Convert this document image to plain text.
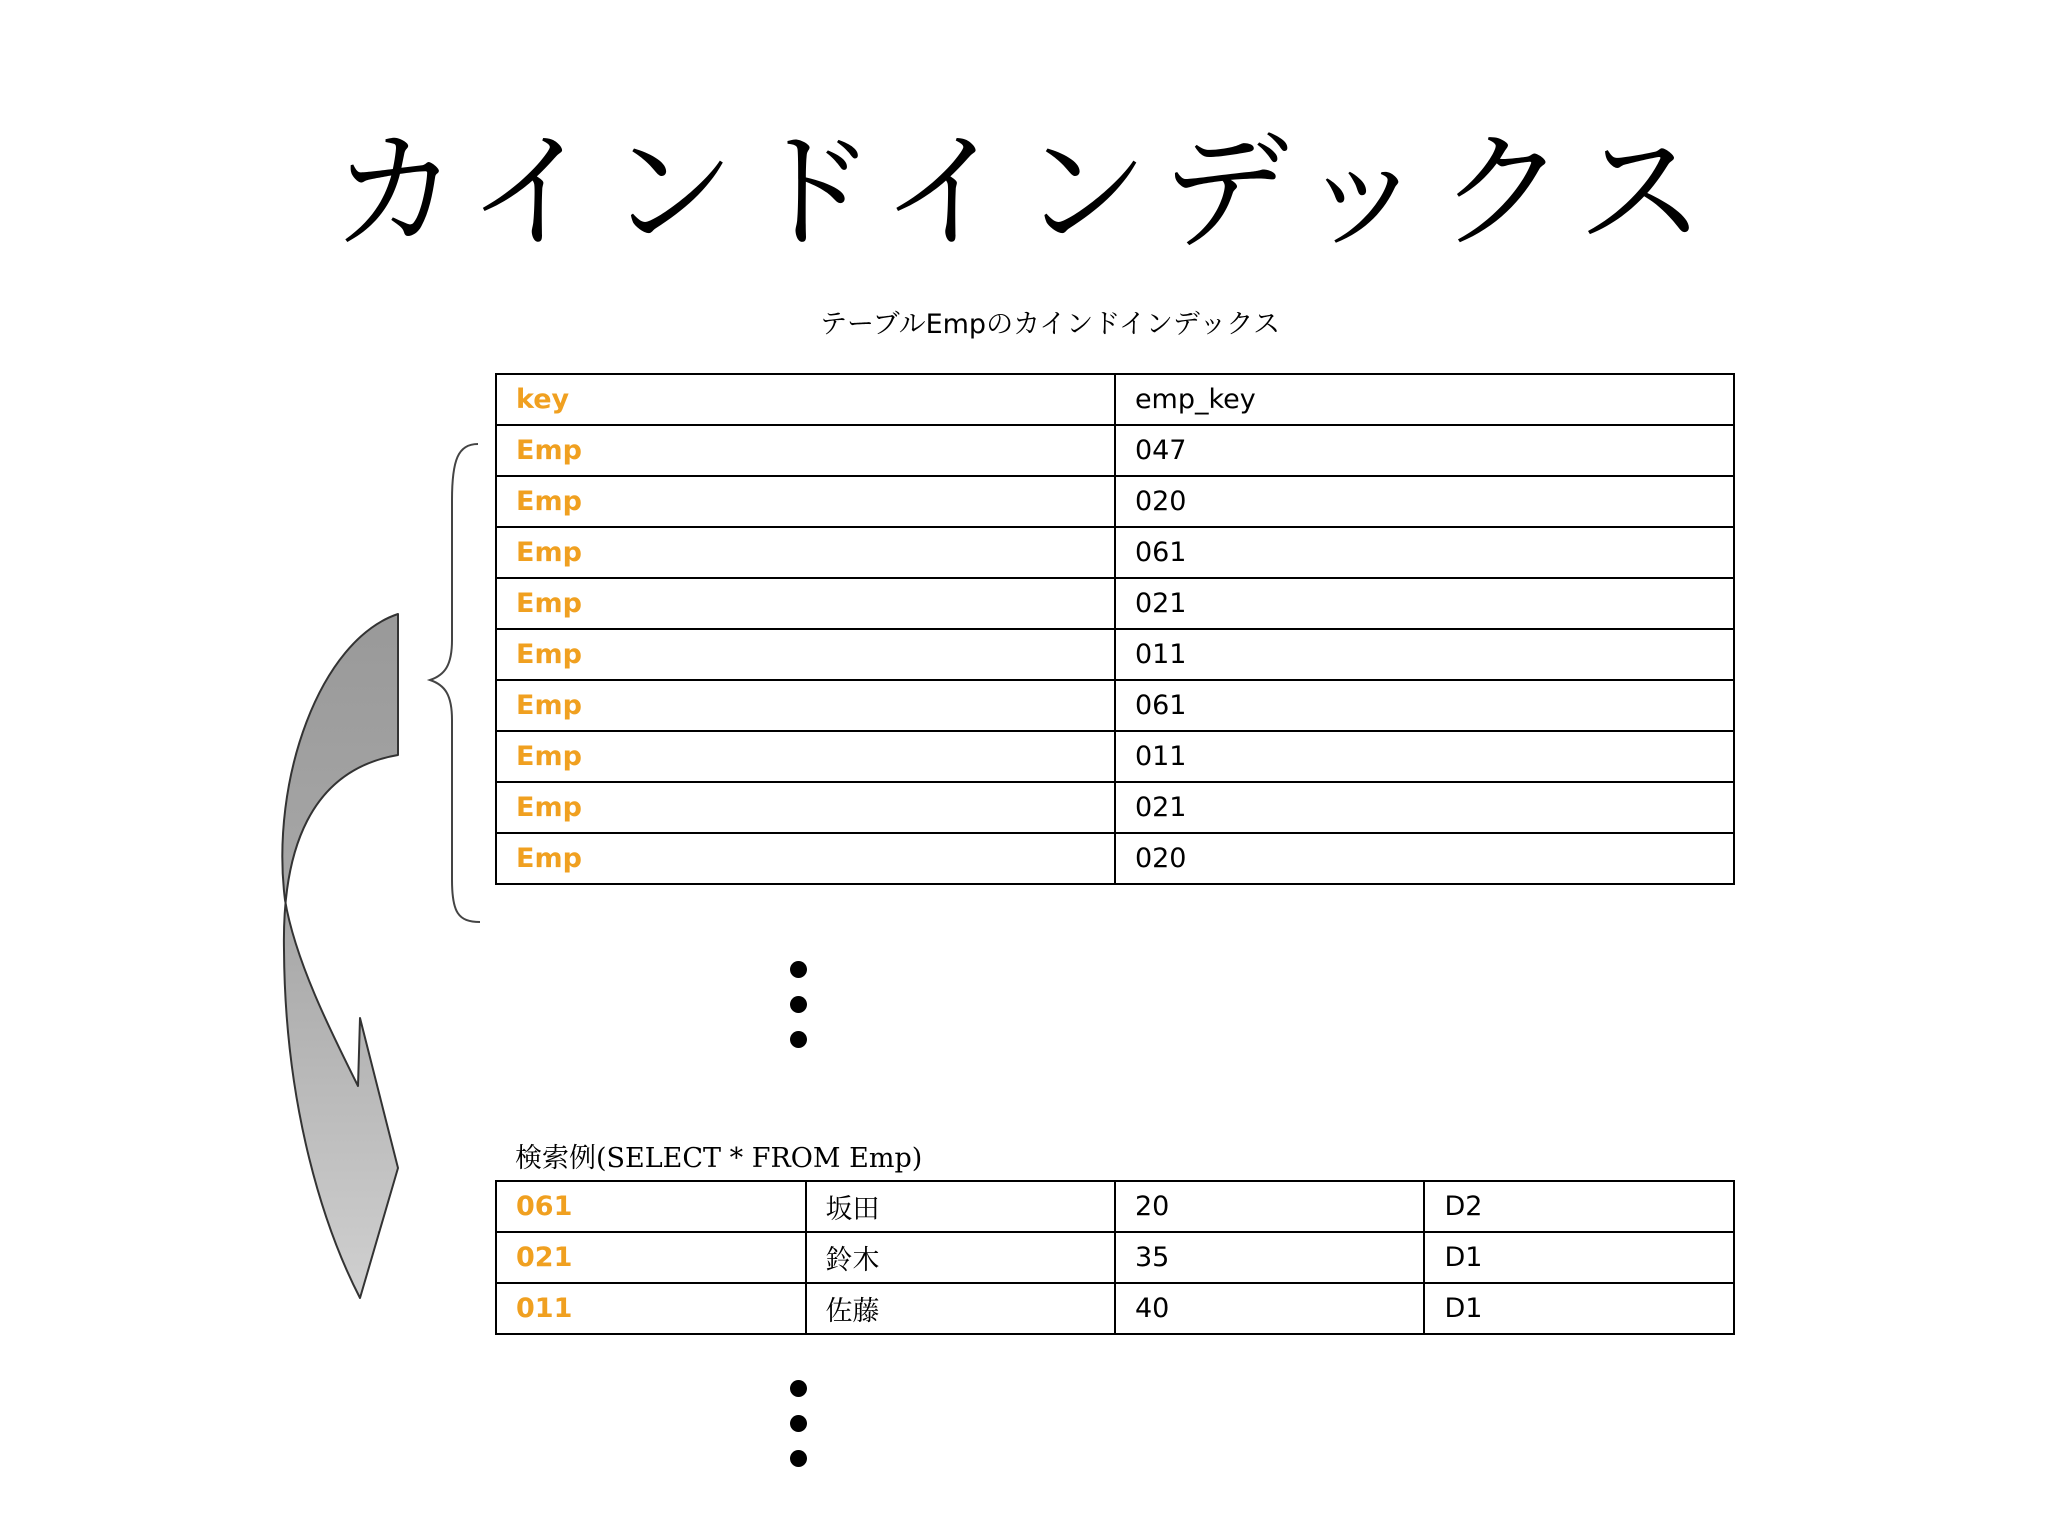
カインドインデックス
テーブルEmpのカインドインデックス
key	emp_key
Emp	047
Emp	020
Emp	061
Emp	021
Emp	011
Emp	061
Emp	011
Emp	021
Emp	020
検索例(SELECT * FROM Emp)
061	坂田	20	D2
021	鈴木	35	D1
011	佐藤	40	D1
